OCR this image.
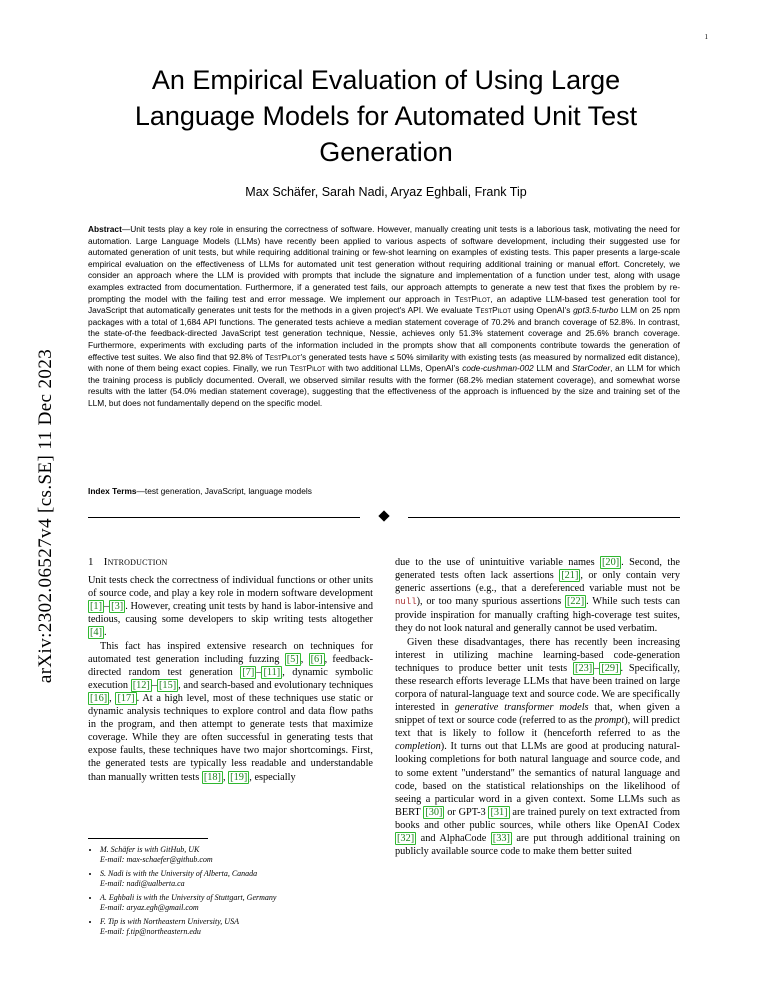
1
arXiv:2302.06527v4 [cs.SE] 11 Dec 2023
An Empirical Evaluation of Using Large Language Models for Automated Unit Test Generation
Max Schäfer, Sarah Nadi, Aryaz Eghbali, Frank Tip
Abstract—Unit tests play a key role in ensuring the correctness of software. However, manually creating unit tests is a laborious task, motivating the need for automation. Large Language Models (LLMs) have recently been applied to various aspects of software development, including their suggested use for automated generation of unit tests, but while requiring additional training or few-shot learning on examples of existing tests. This paper presents a large-scale empirical evaluation on the effectiveness of LLMs for automated unit test generation without requiring additional training or manual effort. Concretely, we consider an approach where the LLM is provided with prompts that include the signature and implementation of a function under test, along with usage examples extracted from documentation. Furthermore, if a generated test fails, our approach attempts to generate a new test that fixes the problem by re-prompting the model with the failing test and error message. We implement our approach in TestPilot, an adaptive LLM-based test generation tool for JavaScript that automatically generates unit tests for the methods in a given project's API. We evaluate TestPilot using OpenAI's gpt3.5-turbo LLM on 25 npm packages with a total of 1,684 API functions. The generated tests achieve a median statement coverage of 70.2% and branch coverage of 52.8%. In contrast, the state-of-the feedback-directed JavaScript test generation technique, Nessie, achieves only 51.3% statement coverage and 25.6% branch coverage. Furthermore, experiments with excluding parts of the information included in the prompts show that all components contribute towards the generation of effective test suites. We also find that 92.8% of TestPilot's generated tests have ≤ 50% similarity with existing tests (as measured by normalized edit distance), with none of them being exact copies. Finally, we run TestPilot with two additional LLMs, OpenAI's code-cushman-002 LLM and StarCoder, an LLM for which the training process is publicly documented. Overall, we observed similar results with the former (68.2% median statement coverage), and somewhat worse results with the latter (54.0% median statement coverage), suggesting that the effectiveness of the approach is influenced by the size and training set of the LLM, but does not fundamentally depend on the specific model.
Index Terms—test generation, JavaScript, language models
1 Introduction

Unit tests check the correctness of individual functions or other units of source code, and play a key role in modern software development [1] – [3] . However, creating unit tests by hand is labor-intensive and tedious, causing some developers to skip writing tests altogether [4] .

This fact has inspired extensive research on techniques for automated test generation including fuzzing [5] , [6] , feedback-directed random test generation [7] – [11] , dynamic symbolic execution [12] – [15] , and search-based and evolutionary techniques [16] , [17] . At a high level, most of these techniques use static or dynamic analysis techniques to explore control and data flow paths in the program, and then attempt to generate tests that maximize coverage. While they are often successful in generating tests that expose faults, these techniques have two major shortcomings. First, the generated tests are typically less readable and understandable than manually written tests [18] , [19] , especially

due to the use of unintuitive variable names [20] . Second, the generated tests often lack assertions [21] , or only contain very generic assertions (e.g., that a dereferenced variable must not be null), or too many spurious assertions [22] . While such tests can provide inspiration for manually crafting high-coverage test suites, they do not look natural and generally cannot be used verbatim.

Given these disadvantages, there has recently been increasing interest in utilizing machine learning-based code-generation techniques to produce better unit tests [23] – [29] . Specifically, these research efforts leverage LLMs that have been trained on large corpora of natural-language text and source code. We are specifically interested in generative transformer models that, when given a snippet of text or source code (referred to as the prompt), will predict text that is likely to follow it (henceforth referred to as the completion). It turns out that LLMs are good at producing natural-looking completions for both natural language and source code, and to some extent "understand" the semantics of natural language and code, based on the statistical relationships on the likelihood of seeing a particular word in a given context. Some LLMs such as BERT [30] or GPT-3 [31] are trained purely on text extracted from books and other public sources, while others like OpenAI Codex [32] and AlphaCode [33] are put through additional training on publicly available source code to make them better suited

• M. Schäfer is with GitHub, UK
E-mail: max-schaefer@github.com
• S. Nadi is with the University of Alberta, Canada
E-mail: nadi@ualberta.ca
• A. Eghbali is with the University of Stuttgart, Germany
E-mail: aryaz.egh@gmail.com
• F. Tip is with Northeastern University, USA
E-mail: f.tip@northeastern.edu
